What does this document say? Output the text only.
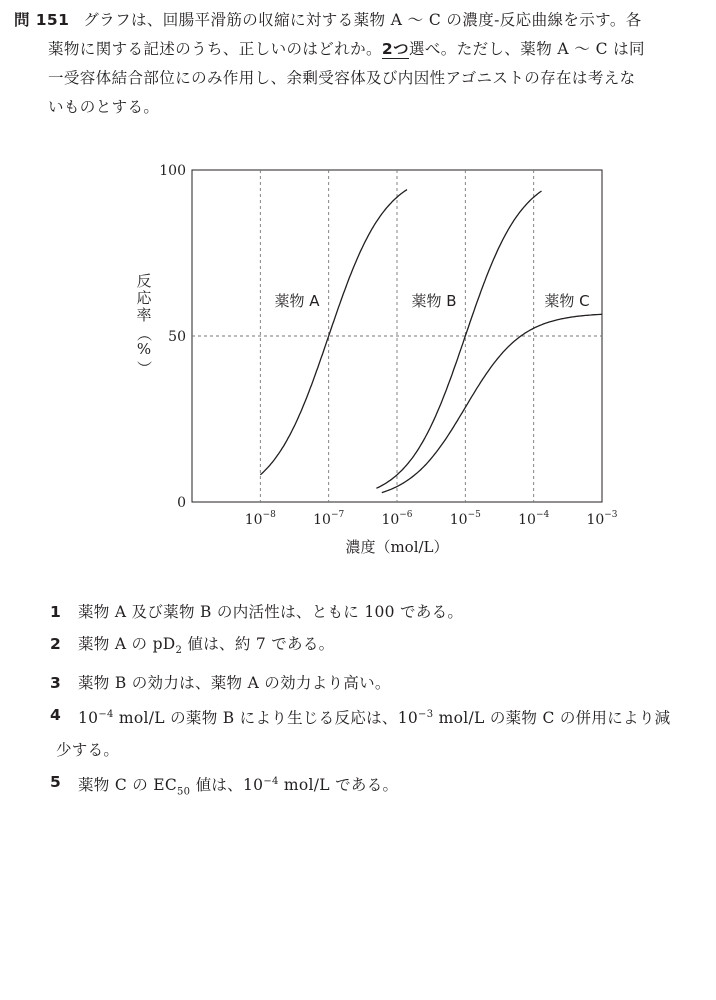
問 151 グラフは、回腸平滑筋の収縮に対する薬物 A ～ C の濃度-反応曲線を示す。各
薬物に関する記述のうち、正しいのはどれか。2つ選べ。ただし、薬物 A ～ C は同
一受容体結合部位にのみ作用し、余剰受容体及び内因性アゴニストの存在は考えな
いものとする。
$10^{-8}$	$10^{-7}$	$10^{-6}$	$10^{-5}$	$10^{-4}$	$10^{-3}$
0
50
100
薬物 A	薬物 B	薬物 C
反
応
率
（
%
）
濃度（mol/L）
1	薬物 A 及び薬物 B の内活性は、ともに 100 である。
2	薬物 A の $pD_2$ 値は、約 7 である。
3	薬物 B の効力は、薬物 A の効力より高い。
4	$10^{-4}$ mol/L の薬物 B により生じる反応は、$10^{-3}$ mol/L の薬物 C の併用により減
少する。
5	薬物 C の $EC_{50}$ 値は、$10^{-4}$ mol/L である。
